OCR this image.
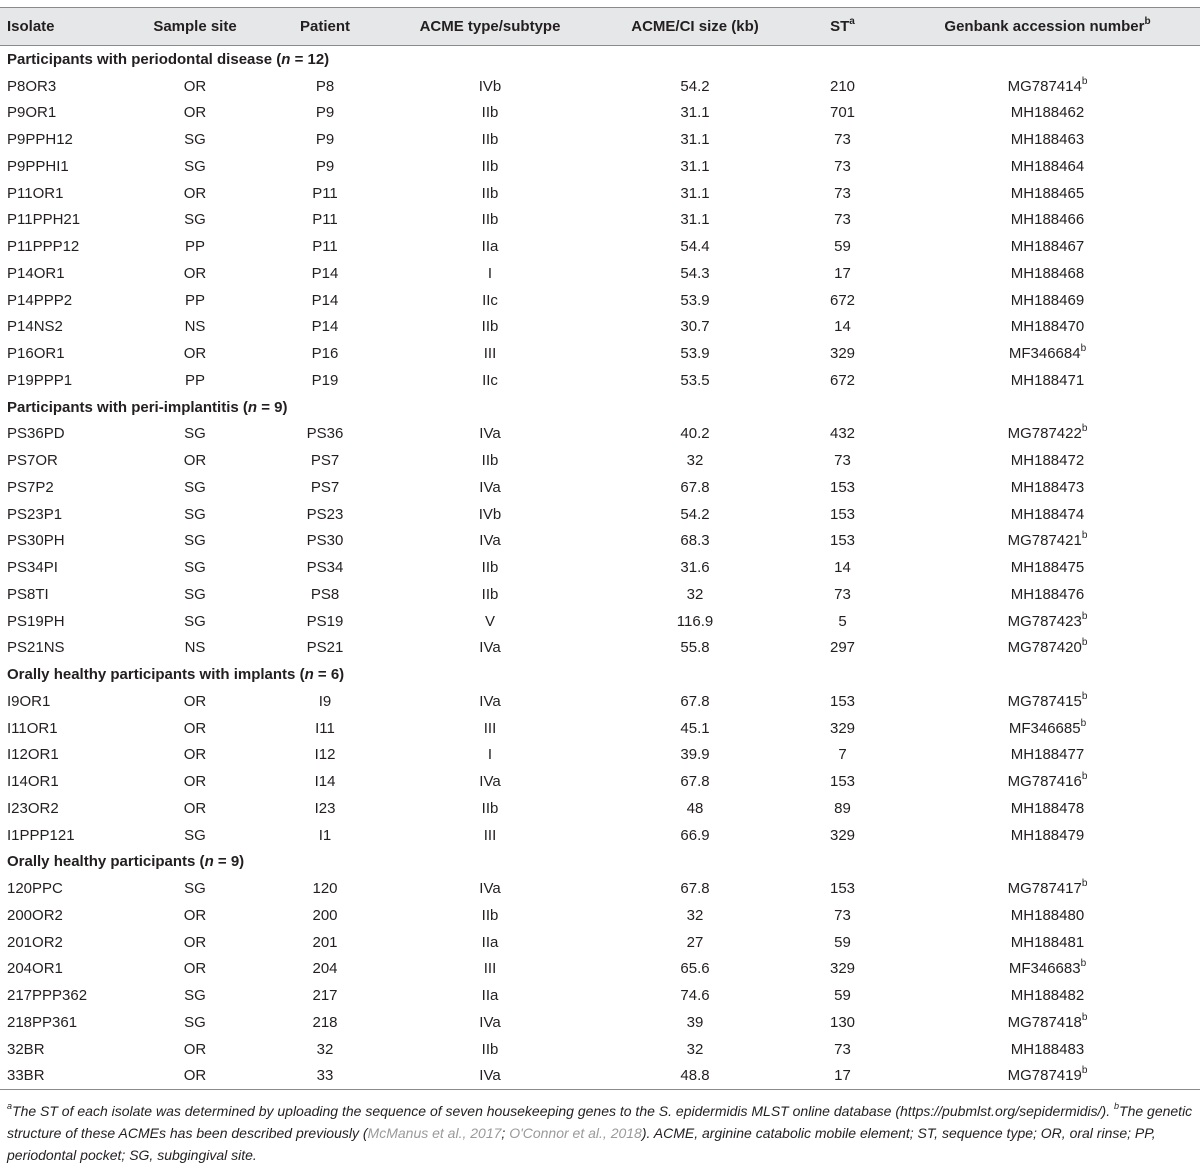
Isolate	Sample site	Patient	ACME type/subtype	ACME/CI size (kb)	$ST^a$	Genbank accession number$^b$
Participants with periodontal disease (n = 12)						
P8OR3	OR	P8	IVb	54.2	210	MG787414$^b$
P9OR1	OR	P9	IIb	31.1	701	MH188462
P9PPH12	SG	P9	IIb	31.1	73	MH188463
P9PPHI1	SG	P9	IIb	31.1	73	MH188464
P11OR1	OR	P11	IIb	31.1	73	MH188465
P11PPH21	SG	P11	IIb	31.1	73	MH188466
P11PPP12	PP	P11	IIa	54.4	59	MH188467
P14OR1	OR	P14	I	54.3	17	MH188468
P14PPP2	PP	P14	IIc	53.9	672	MH188469
P14NS2	NS	P14	IIb	30.7	14	MH188470
P16OR1	OR	P16	III	53.9	329	MF346684$^b$
P19PPP1	PP	P19	IIc	53.5	672	MH188471
Participants with peri-implantitis (n = 9)						
PS36PD	SG	PS36	IVa	40.2	432	MG787422$^b$
PS7OR	OR	PS7	IIb	32	73	MH188472
PS7P2	SG	PS7	IVa	67.8	153	MH188473
PS23P1	SG	PS23	IVb	54.2	153	MH188474
PS30PH	SG	PS30	IVa	68.3	153	MG787421$^b$
PS34PI	SG	PS34	IIb	31.6	14	MH188475
PS8TI	SG	PS8	IIb	32	73	MH188476
PS19PH	SG	PS19	V	116.9	5	MG787423$^b$
PS21NS	NS	PS21	IVa	55.8	297	MG787420$^b$
Orally healthy participants with implants (n = 6)						
I9OR1	OR	I9	IVa	67.8	153	MG787415$^b$
I11OR1	OR	I11	III	45.1	329	MF346685$^b$
I12OR1	OR	I12	I	39.9	7	MH188477
I14OR1	OR	I14	IVa	67.8	153	MG787416$^b$
I23OR2	OR	I23	IIb	48	89	MH188478
I1PPP121	SG	I1	III	66.9	329	MH188479
Orally healthy participants (n = 9)						
120PPC	SG	120	IVa	67.8	153	MG787417$^b$
200OR2	OR	200	IIb	32	73	MH188480
201OR2	OR	201	IIa	27	59	MH188481
204OR1	OR	204	III	65.6	329	MF346683$^b$
217PPP362	SG	217	IIa	74.6	59	MH188482
218PP361	SG	218	IVa	39	130	MG787418$^b$
32BR	OR	32	IIb	32	73	MH188483
33BR	OR	33	IVa	48.8	17	MG787419$^b$
$^a$The ST of each isolate was determined by uploading the sequence of seven housekeeping genes to the S. epidermidis MLST online database (https://pubmlst.org/sepidermidis/). $^b$The genetic structure of these ACMEs has been described previously (McManus et al., 2017; O'Connor et al., 2018). ACME, arginine catabolic mobile element; ST, sequence type; OR, oral rinse; PP, periodontal pocket; SG, subgingival site.
